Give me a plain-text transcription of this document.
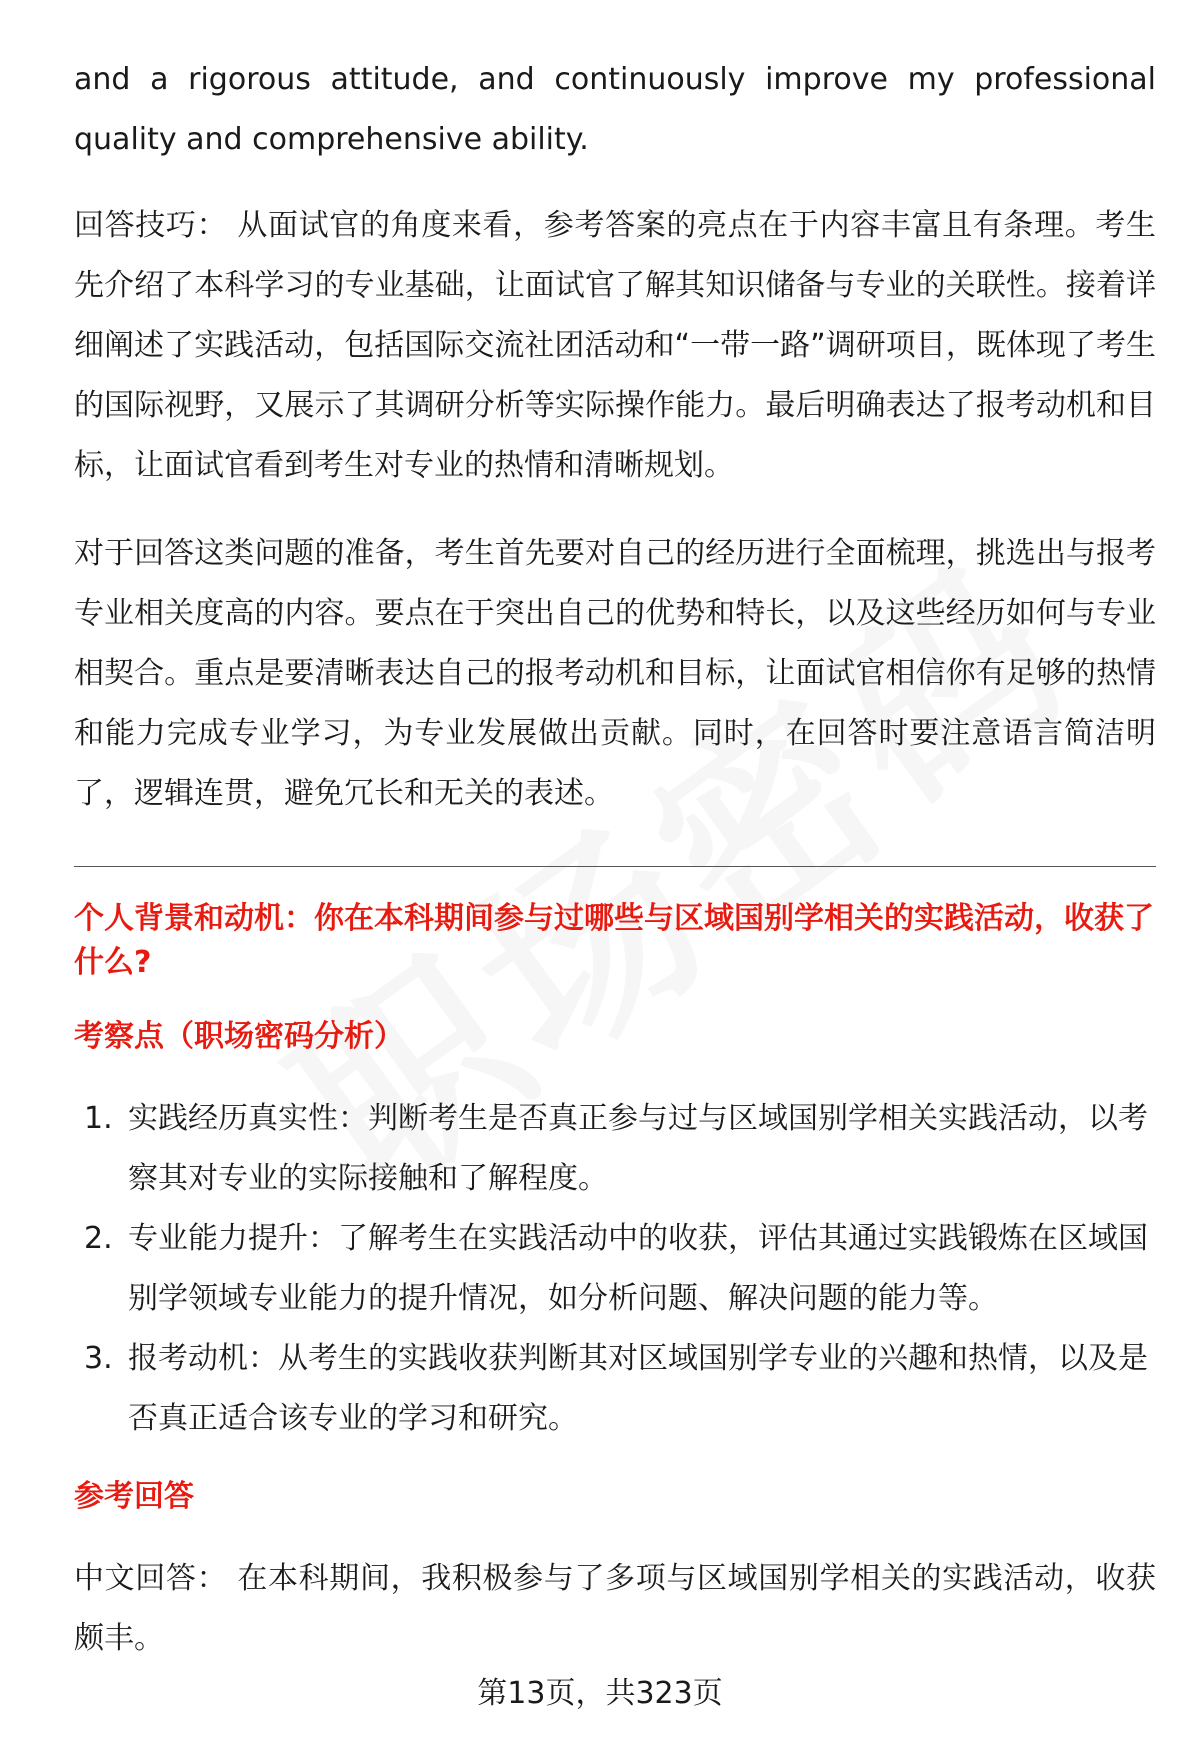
and a rigorous attitude, and continuously improve my professional quality and comprehensive ability.

回答技巧： 从面试官的角度来看，参考答案的亮点在于内容丰富且有条理。考生先介绍了本科学习的专业基础，让面试官了解其知识储备与专业的关联性。接着详细阐述了实践活动，包括国际交流社团活动和“一带一路”调研项目，既体现了考生的国际视野，又展示了其调研分析等实际操作能力。最后明确表达了报考动机和目标，让面试官看到考生对专业的热情和清晰规划。

对于回答这类问题的准备，考生首先要对自己的经历进行全面梳理，挑选出与报考专业相关度高的内容。要点在于突出自己的优势和特长，以及这些经历如何与专业相契合。重点是要清晰表达自己的报考动机和目标，让面试官相信你有足够的热情和能力完成专业学习，为专业发展做出贡献。同时，在回答时要注意语言简洁明了，逻辑连贯，避免冗长和无关的表述。

个人背景和动机：你在本科期间参与过哪些与区域国别学相关的实践活动，收获了什么?
考察点（职场密码分析）
1. 实践经历真实性：判断考生是否真正参与过与区域国别学相关实践活动，以考察其对专业的实际接触和了解程度。
2. 专业能力提升：了解考生在实践活动中的收获，评估其通过实践锻炼在区域国别学领域专业能力的提升情况，如分析问题、解决问题的能力等。
3. 报考动机：从考生的实践收获判断其对区域国别学专业的兴趣和热情，以及是否真正适合该专业的学习和研究。
参考回答

中文回答： 在本科期间，我积极参与了多项与区域国别学相关的实践活动，收获颇丰。

第13页，共323页
